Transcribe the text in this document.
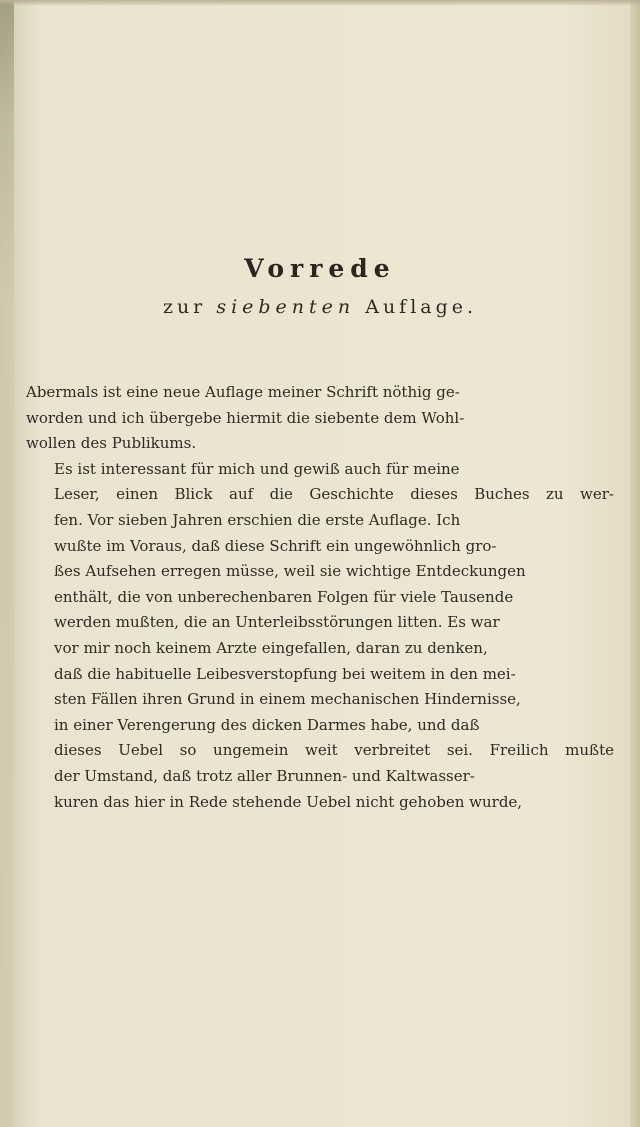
Vorrede
zur siebenten Auflage.
Abermals ist eine neue Auflage meiner Schrift nöthig ge-
worden und ich übergebe hiermit die siebente dem Wohl-
wollen des Publikums.
Es ist interessant für mich und gewiß auch für meine
Leser, einen Blick auf die Geschichte dieses Buches zu wer-
fen. Vor sieben Jahren erschien die erste Auflage. Ich
wußte im Voraus, daß diese Schrift ein ungewöhnlich gro-
ßes Aufsehen erregen müsse, weil sie wichtige Entdeckungen
enthält, die von unberechenbaren Folgen für viele Tausende
werden mußten, die an Unterleibsstörungen litten. Es war
vor mir noch keinem Arzte eingefallen, daran zu denken,
daß die habituelle Leibesverstopfung bei weitem in den mei-
sten Fällen ihren Grund in einem mechanischen Hindernisse,
in einer Verengerung des dicken Darmes habe, und daß
dieses Uebel so ungemein weit verbreitet sei. Freilich mußte
der Umstand, daß trotz aller Brunnen- und Kaltwasser-
kuren das hier in Rede stehende Uebel nicht gehoben wurde,
